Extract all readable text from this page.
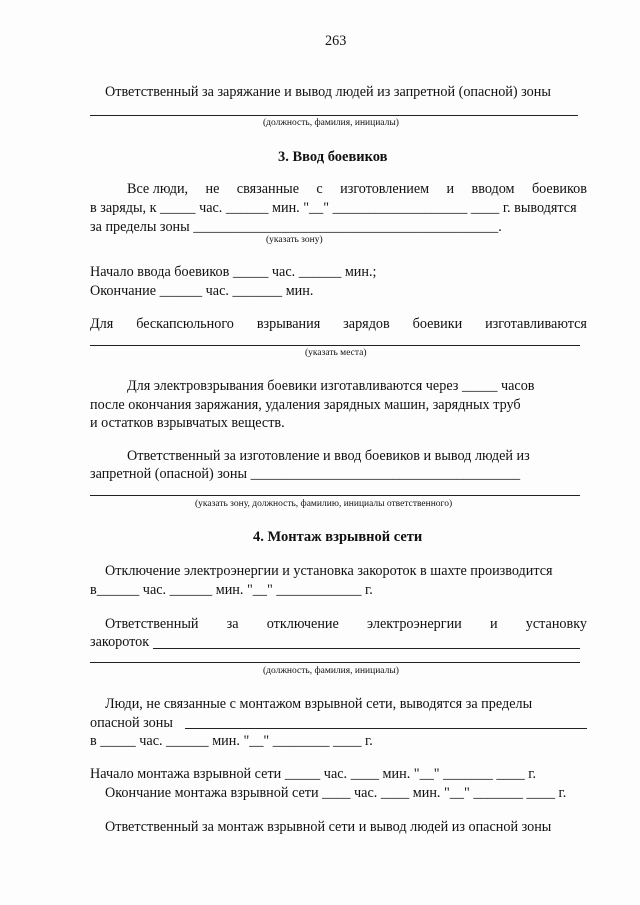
263
Ответственный за заряжание и вывод людей из запретной (опасной) зоны
(должность, фамилия, инициалы)
3. Ввод боевиков
Все люди, не связанные с изготовлением и вводом боевиков
в заряды, к _____ час. ______ мин. "__" ___________________ ____ г. выводятся
за пределы зоны ___________________________________________.
(указать зону)
Начало ввода боевиков _____ час. ______ мин.;
Окончание ______ час. _______ мин.
Для бескапсюльного взрывания зарядов боевики изготавливаются
(указать места)
Для электровзрывания боевики изготавливаются через _____ часов
после окончания заряжания, удаления зарядных машин, зарядных труб
и остатков взрывчатых веществ.
Ответственный за изготовление и ввод боевиков и вывод людей из
запретной (опасной) зоны ______________________________________
(указать зону, должность, фамилию, инициалы ответственного)
4. Монтаж взрывной сети
Отключение электроэнергии и установка закороток в шахте производится
в______ час. ______ мин. "__" ____________ г.
Ответственный за отключение электроэнергии и установку
закороток
(должность, фамилия, инициалы)
Люди, не связанные с монтажом взрывной сети, выводятся за пределы
опасной зоны
в _____ час. ______ мин. "__" ________ ____ г.
Начало монтажа взрывной сети _____ час. ____ мин. "__" _______ ____ г.
Окончание монтажа взрывной сети ____ час. ____ мин. "__" _______ ____ г.
Ответственный за монтаж взрывной сети и вывод людей из опасной зоны
